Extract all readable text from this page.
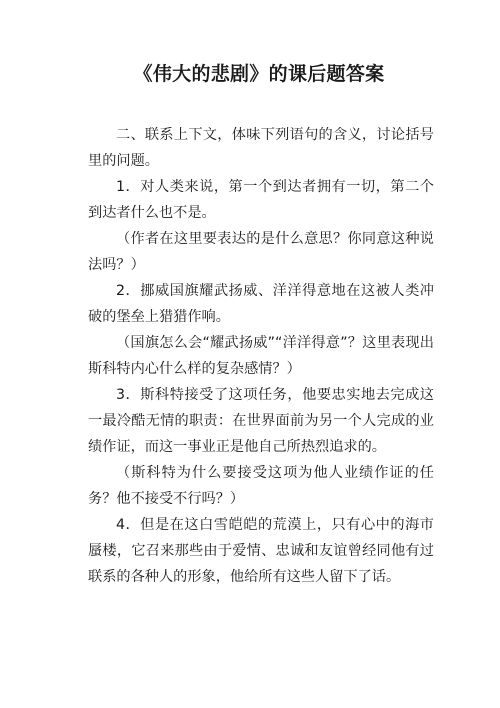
《伟大的悲剧》的课后题答案

二、联系上下文，体味下列语句的含义，讨论括号里的问题。

1．对人类来说，第一个到达者拥有一切，第二个到达者什么也不是。

（作者在这里要表达的是什么意思？你同意这种说法吗？）

2．挪威国旗耀武扬威、洋洋得意地在这被人类冲破的堡垒上猎猎作响。

（国旗怎么会“耀武扬威”“洋洋得意”？这里表现出斯科特内心什么样的复杂感情？）

3．斯科特接受了这项任务，他要忠实地去完成这一最冷酷无情的职责：在世界面前为另一个人完成的业绩作证，而这一事业正是他自己所热烈追求的。

（斯科特为什么要接受这项为他人业绩作证的任务？他不接受不行吗？）

4．但是在这白雪皑皑的荒漠上，只有心中的海市蜃楼，它召来那些由于爱情、忠诚和友谊曾经同他有过联系的各种人的形象，他给所有这些人留下了话。
